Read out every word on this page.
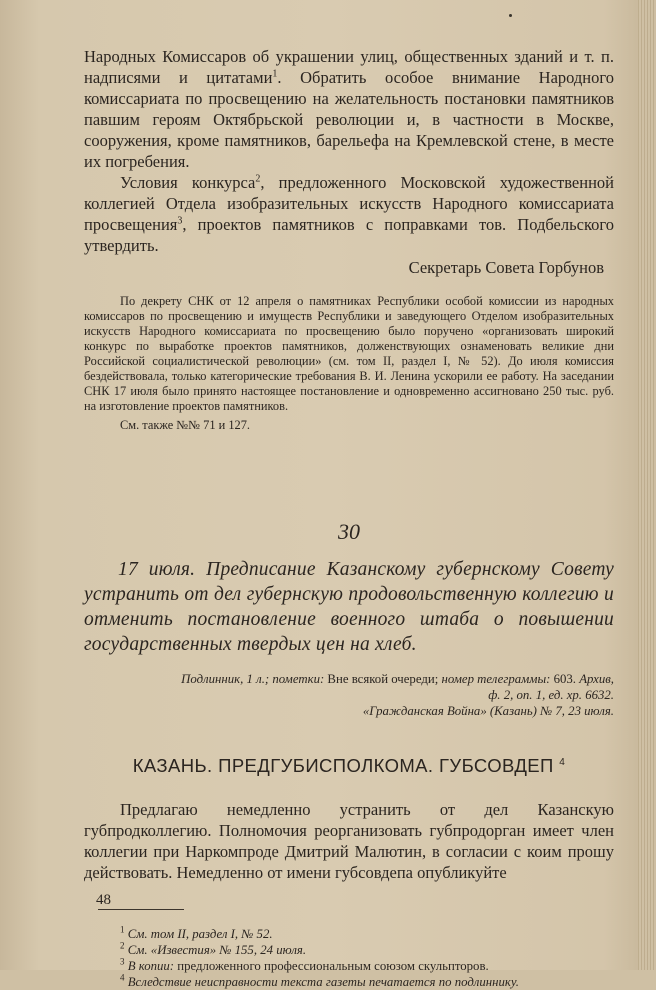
Народных Комиссаров об украшении улиц, общественных зданий и т. п. надписями и цитатами$^1$. Обратить особое внимание Народного комиссариата по просвещению на желательность постановки памятников павшим героям Октябрьской революции и, в частности в Москве, сооружения, кроме памятников, барельефа на Кремлевской стене, в месте их погребения.

Условия конкурса$^2$, предложенного Московской художественной коллегией Отдела изобразительных искусств Народного комиссариата просвещения$^3$, проектов памятников с поправками тов. Подбельского утвердить.

Секретарь Совета Горбунов

По декрету СНК от 12 апреля о памятниках Республики особой комиссии из народных комиссаров по просвещению и имуществ Республики и заведующего Отделом изобразительных искусств Народного комиссариата по просвещению было поручено «организовать широкий конкурс по выработке проектов памятников, долженствующих ознаменовать великие дни Российской социалистической революции» (см. том II, раздел I, № 52). До июля комиссия бездействовала, только категорические требования В. И. Ленина ускорили ее работу. На заседании СНК 17 июля было принято настоящее постановление и одновременно ассигновано 250 тыс. руб. на изготовление проектов памятников.

См. также №№ 71 и 127.

30
17 июля. Предписание Казанскому губернскому Совету устранить от дел губернскую продовольственную коллегию и отменить постановление военного штаба о повышении государственных твердых цен на хлеб.
Подлинник, 1 л.; пометки: Вне всякой очереди; номер телеграммы: 603. Архив, ф. 2, оп. 1, ед. хр. 6632.
«Гражданская Война» (Казань) № 7, 23 июля.
КАЗАНЬ. ПРЕДГУБИСПОЛКОМА. ГУБСОВДЕП $^4$

Предлагаю немедленно устранить от дел Казанскую губпродколлегию. Полномочия реорганизовать губпродорган имеет член коллегии при Наркомпроде Дмитрий Малютин, в согласии с коим прошу действовать. Немедленно от имени губсовдепа опубликуйте

$^1$ См. том II, раздел I, № 52.

$^2$ См. «Известия» № 155, 24 июля.

$^3$ В копии: предложенного профессиональным союзом скульпторов.

$^4$ Вследствие неисправности текста газеты печатается по подлиннику.

48
